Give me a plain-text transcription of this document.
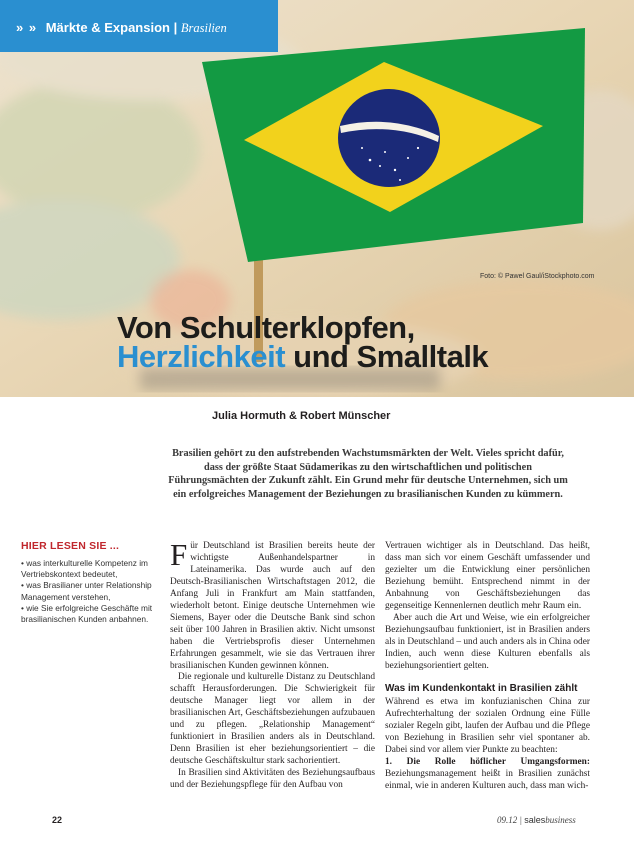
» » Märkte & Expansion | Brasilien
Foto: © Pawel Gaul/iStockphoto.com
Von Schulterklopfen,
Herzlichkeit und Smalltalk
Julia Hormuth & Robert Münscher
Brasilien gehört zu den aufstrebenden Wachstumsmärkten der Welt. Vieles spricht dafür, dass der größte Staat Südamerikas zu den wirtschaftlichen und politischen Führungsmächten der Zukunft zählt. Ein Grund mehr für deutsche Unternehmen, sich um ein erfolgreiches Management der Beziehungen zu brasilianischen Kunden zu kümmern.
HIER LESEN SIE ...
• was interkulturelle Kompetenz im Vertriebskontext bedeutet,
• was Brasilianer unter Relationship Management verstehen,
• wie Sie erfolgreiche Geschäfte mit brasilianischen Kunden anbahnen.

Für Deutschland ist Brasilien bereits heute der wichtigste Außenhandelspartner in Lateinamerika. Das wurde auch auf den Deutsch-Brasilianischen Wirtschaftstagen 2012, die Anfang Juli in Frankfurt am Main stattfanden, wiederholt betont. Einige deutsche Unternehmen wie Siemens, Bayer oder die Deutsche Bank sind schon seit über 100 Jahren in Brasilien aktiv. Nicht umsonst haben die Vertriebsprofis dieser Unternehmen Erfahrungen gesammelt, wie sie das Vertrauen ihrer brasilianischen Kunden gewinnen können.

Die regionale und kulturelle Distanz zu Deutschland schafft Herausforderungen. Die Schwierigkeit für deutsche Manager liegt vor allem in der brasilianischen Art, Geschäftsbeziehungen aufzubauen und zu pflegen. „Relationship Management“ funktioniert in Brasilien anders als in Deutschland. Denn Brasilien ist eher beziehungsorientiert – die deutsche Geschäftskultur stark sachorientiert.

In Brasilien sind Aktivitäten des Beziehungsaufbaus und der Beziehungspflege für den Aufbau von

Vertrauen wichtiger als in Deutschland. Das heißt, dass man sich vor einem Geschäft umfassender und gezielter um die Entwicklung einer persönlichen Beziehung bemüht. Entsprechend nimmt in der Anbahnung von Geschäftsbeziehungen das gegenseitige Kennenlernen deutlich mehr Raum ein.

Aber auch die Art und Weise, wie ein erfolgreicher Beziehungsaufbau funktioniert, ist in Brasilien anders als in Deutschland – und auch anders als in China oder Indien, auch wenn diese Kulturen ebenfalls als beziehungsorientiert gelten.

Was im Kundenkontakt in Brasilien zählt

Während es etwa im konfuzianischen China zur Aufrechterhaltung der sozialen Ordnung eine Fülle sozialer Regeln gibt, laufen der Aufbau und die Pflege von Beziehung in Brasilien sehr viel spontaner ab. Dabei sind vor allem vier Punkte zu beachten:

1. Die Rolle höflicher Umgangsformen: Beziehungsmanagement heißt in Brasilien zunächst einmal, wie in anderen Kulturen auch, dass man wich-

22	09.12 | salesbusiness
